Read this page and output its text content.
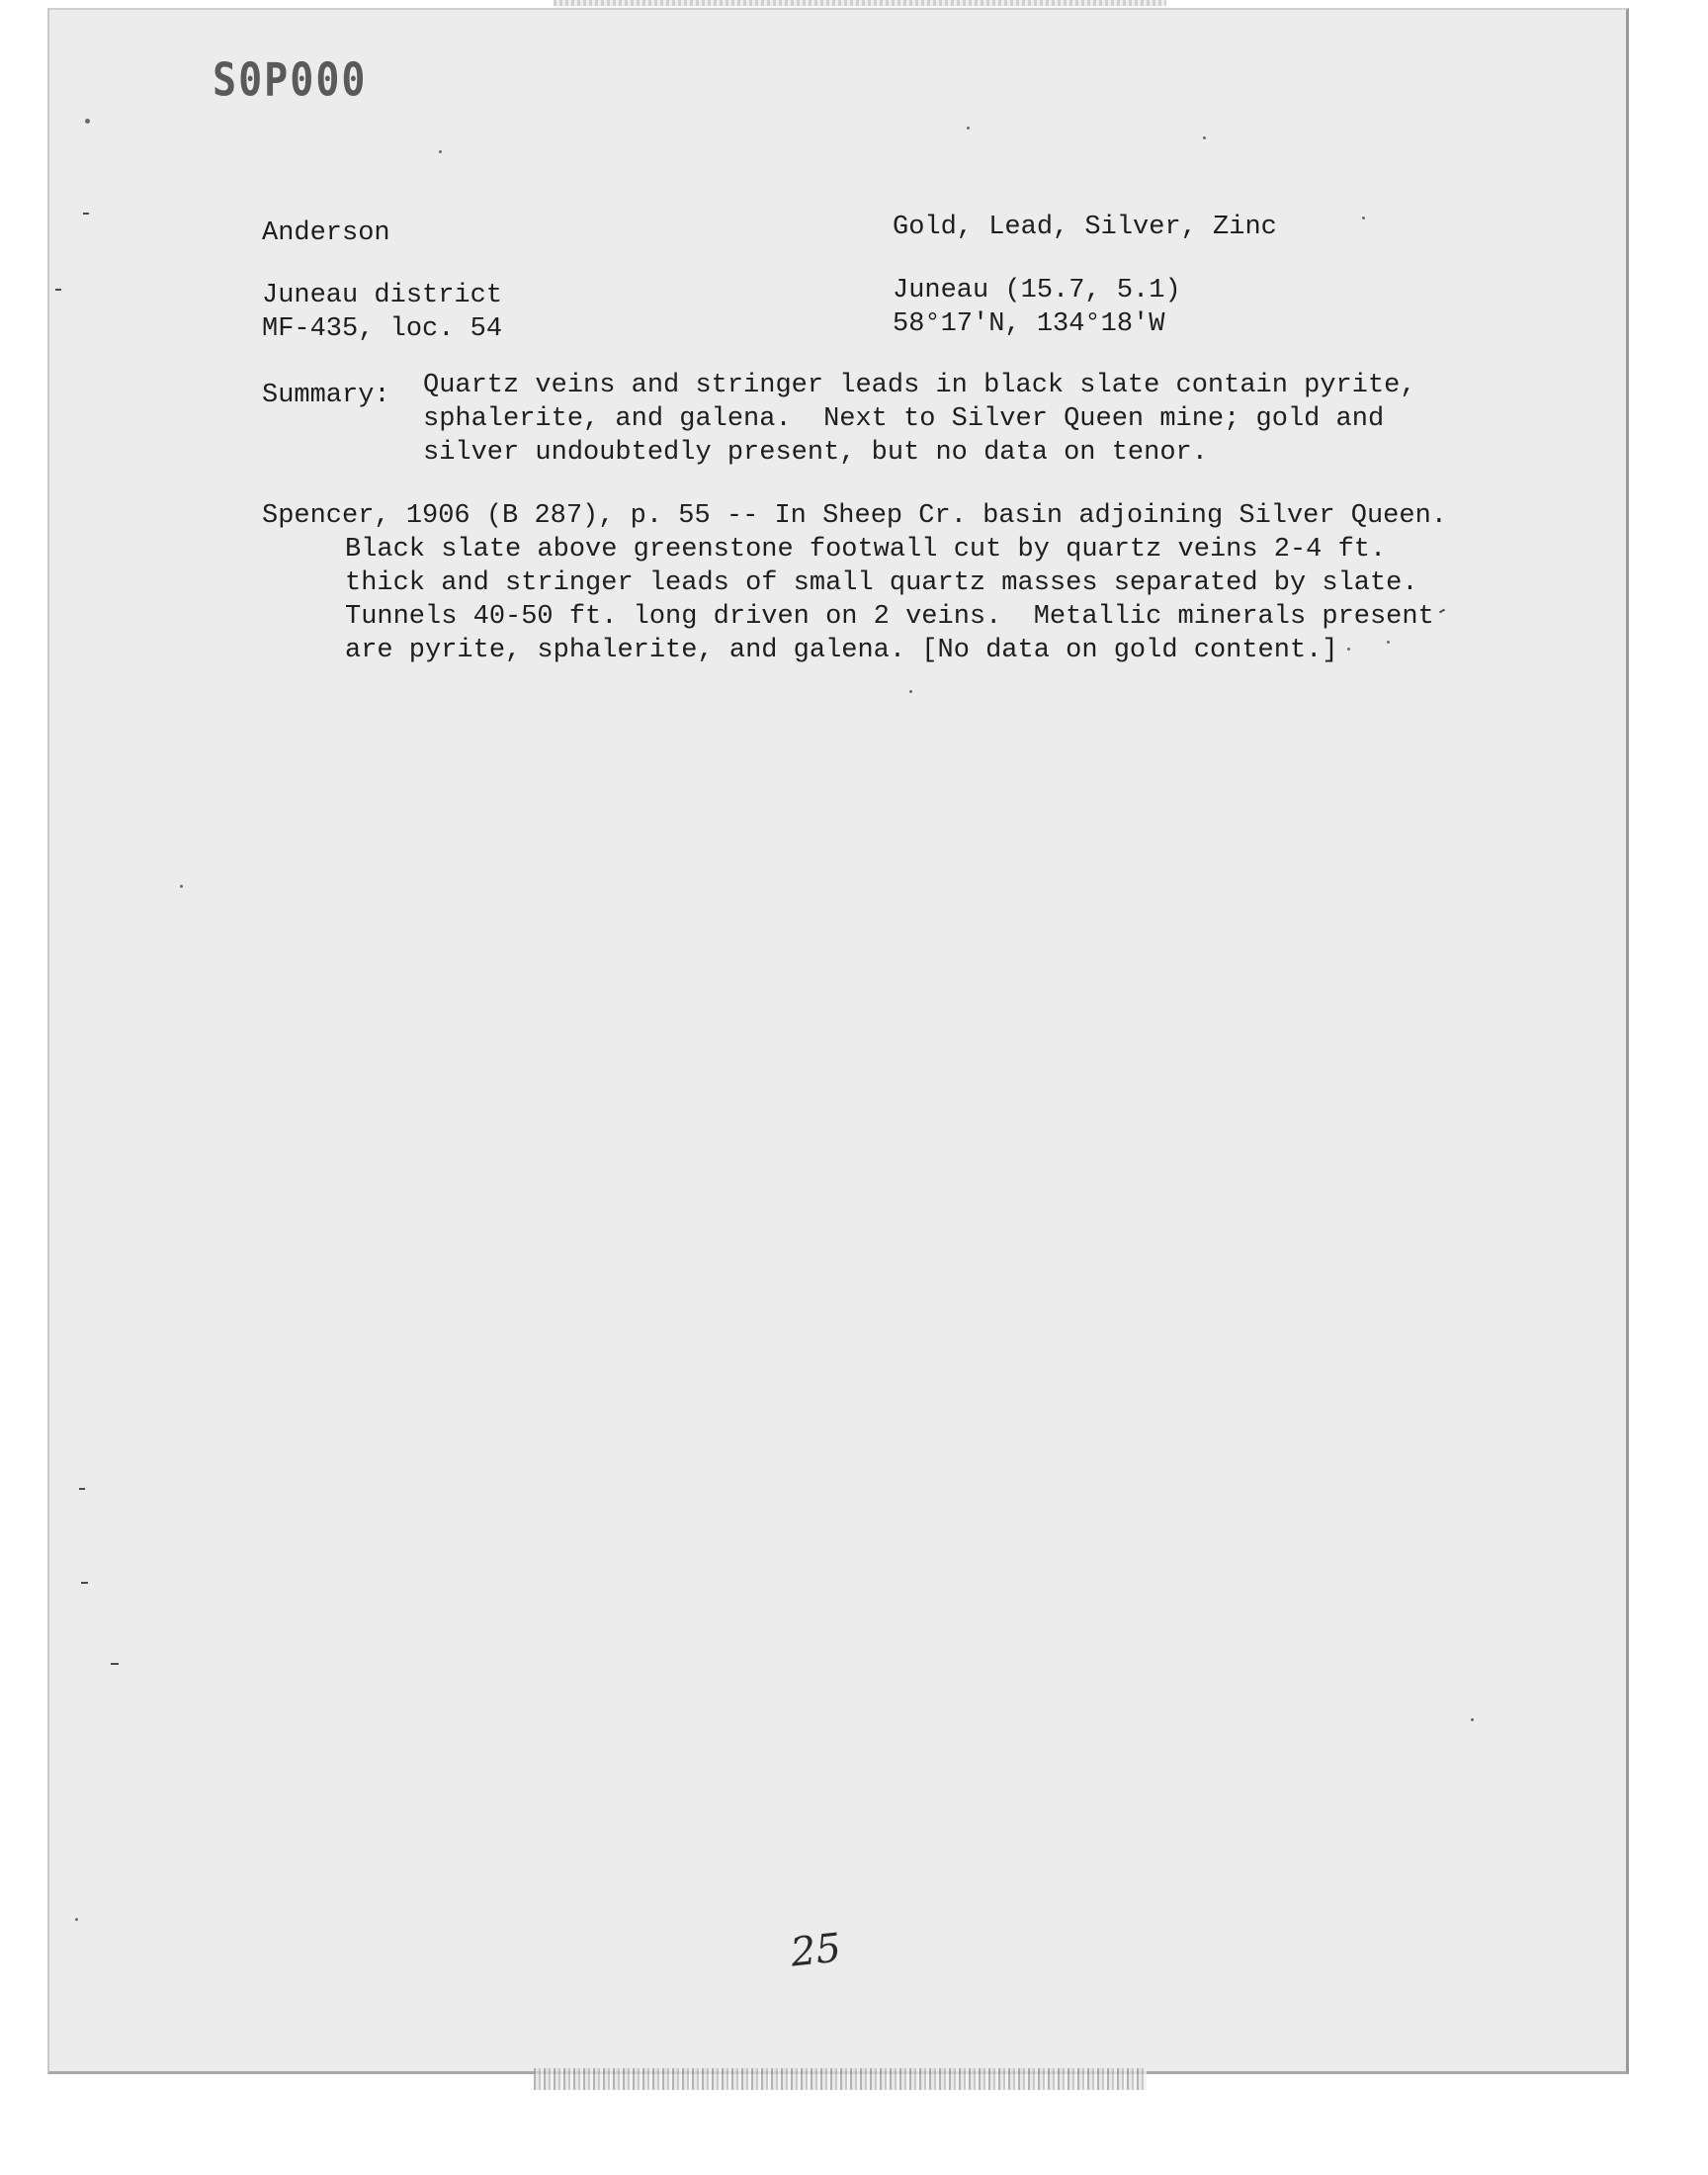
S0P000
Anderson	Gold, Lead, Silver, Zinc
Juneau district	Juneau (15.7, 5.1)
MF-435, loc. 54	58°17'N, 134°18'W
Summary: Quartz veins and stringer leads in black slate contain pyrite,
sphalerite, and galena.  Next to Silver Queen mine; gold and
silver undoubtedly present, but no data on tenor.
Spencer, 1906 (B 287), p. 55 -- In Sheep Cr. basin adjoining Silver Queen.
Black slate above greenstone footwall cut by quartz veins 2-4 ft.
thick and stringer leads of small quartz masses separated by slate.
Tunnels 40-50 ft. long driven on 2 veins.  Metallic minerals present
are pyrite, sphalerite, and galena. [No data on gold content.]
25
